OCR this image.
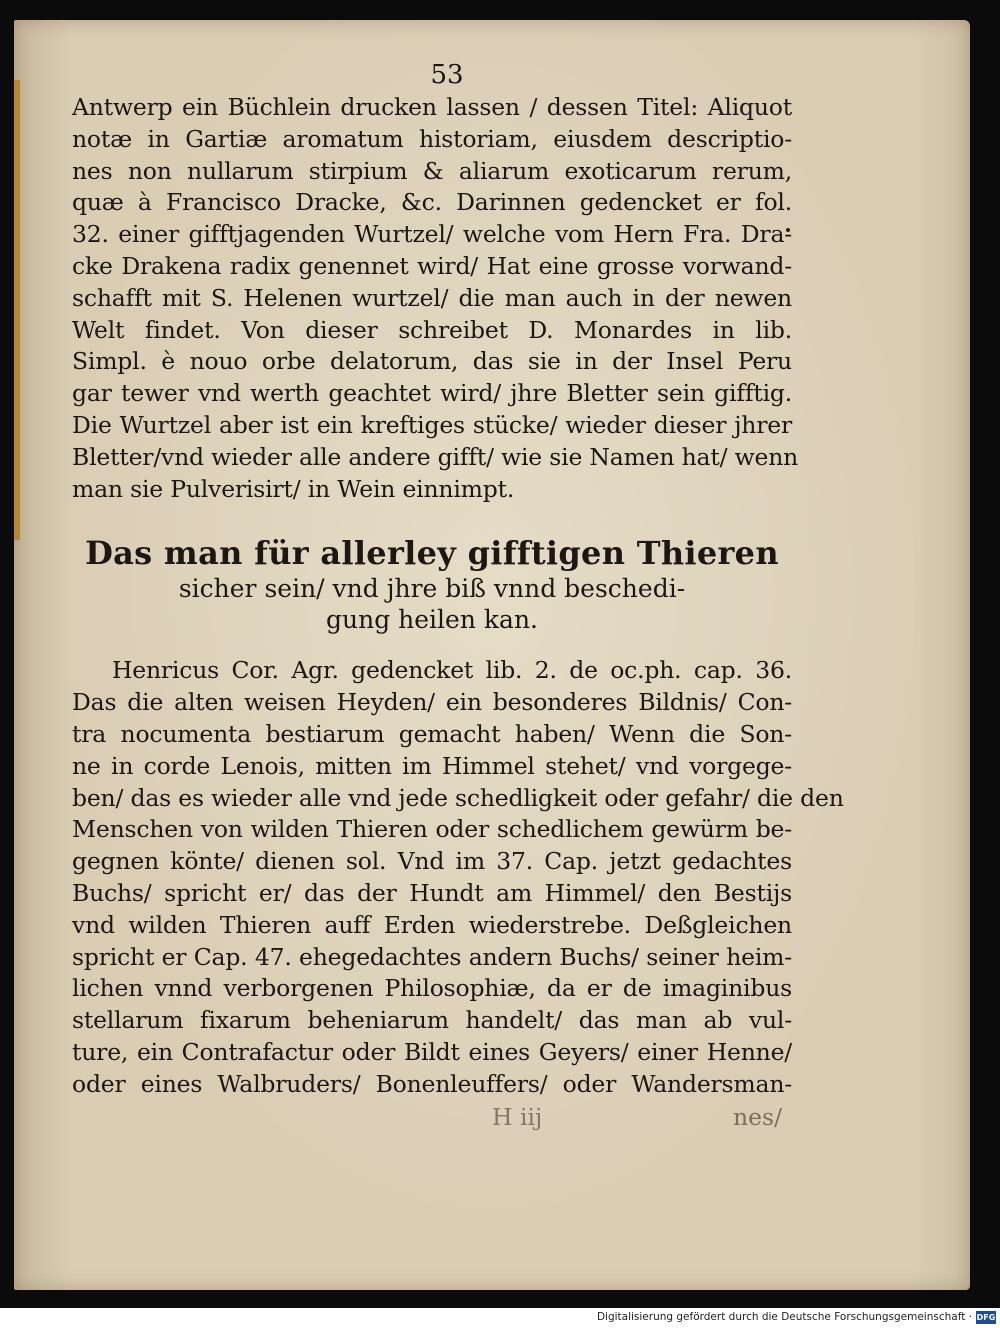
53
Antwerp ein Büchlein drucken lassen / dessen Titel: Aliquot
notæ in Gartiæ aromatum historiam, eiusdem descriptio-
nes non nullarum stirpium & aliarum exoticarum rerum,
quæ à Francisco Dracke, &c. Darinnen gedencket er fol.
32. einer gifftjagenden Wurtzel/ welche vom Hern Fra. Dra-
cke Drakena radix genennet wird/ Hat eine grosse vorwand-
schafft mit S. Helenen wurtzel/ die man auch in der newen
Welt findet. Von dieser schreibet D. Monardes in lib.
Simpl. è nouo orbe delatorum, das sie in der Insel Peru
gar tewer vnd werth geachtet wird/ jhre Bletter sein gifftig.
Die Wurtzel aber ist ein kreftiges stücke/ wieder dieser jhrer
Bletter/vnd wieder alle andere gifft/ wie sie Namen hat/ wenn
man sie Pulverisirt/ in Wein einnimpt.
Das man für allerley gifftigen Thieren
sicher sein/ vnd jhre biß vnnd beschedi-
gung heilen kan.
Henricus Cor. Agr. gedencket lib. 2. de oc.ph. cap. 36.
Das die alten weisen Heyden/ ein besonderes Bildnis/ Con-
tra nocumenta bestiarum gemacht haben/ Wenn die Son-
ne in corde Lenois, mitten im Himmel stehet/ vnd vorgege-
ben/ das es wieder alle vnd jede schedligkeit oder gefahr/ die den
Menschen von wilden Thieren oder schedlichem gewürm be-
gegnen könte/ dienen sol. Vnd im 37. Cap. jetzt gedachtes
Buchs/ spricht er/ das der Hundt am Himmel/ den Bestijs
vnd wilden Thieren auff Erden wiederstrebe. Deßgleichen
spricht er Cap. 47. ehegedachtes andern Buchs/ seiner heim-
lichen vnnd verborgenen Philosophiæ, da er de imaginibus
stellarum fixarum beheniarum handelt/ das man ab vul-
ture, ein Contrafactur oder Bildt eines Geyers/ einer Henne/
oder eines Walbruders/ Bonenleuffers/ oder Wandersman-
H iij	nes/
Digitalisierung gefördert durch die Deutsche Forschungsgemeinschaft · DFG
